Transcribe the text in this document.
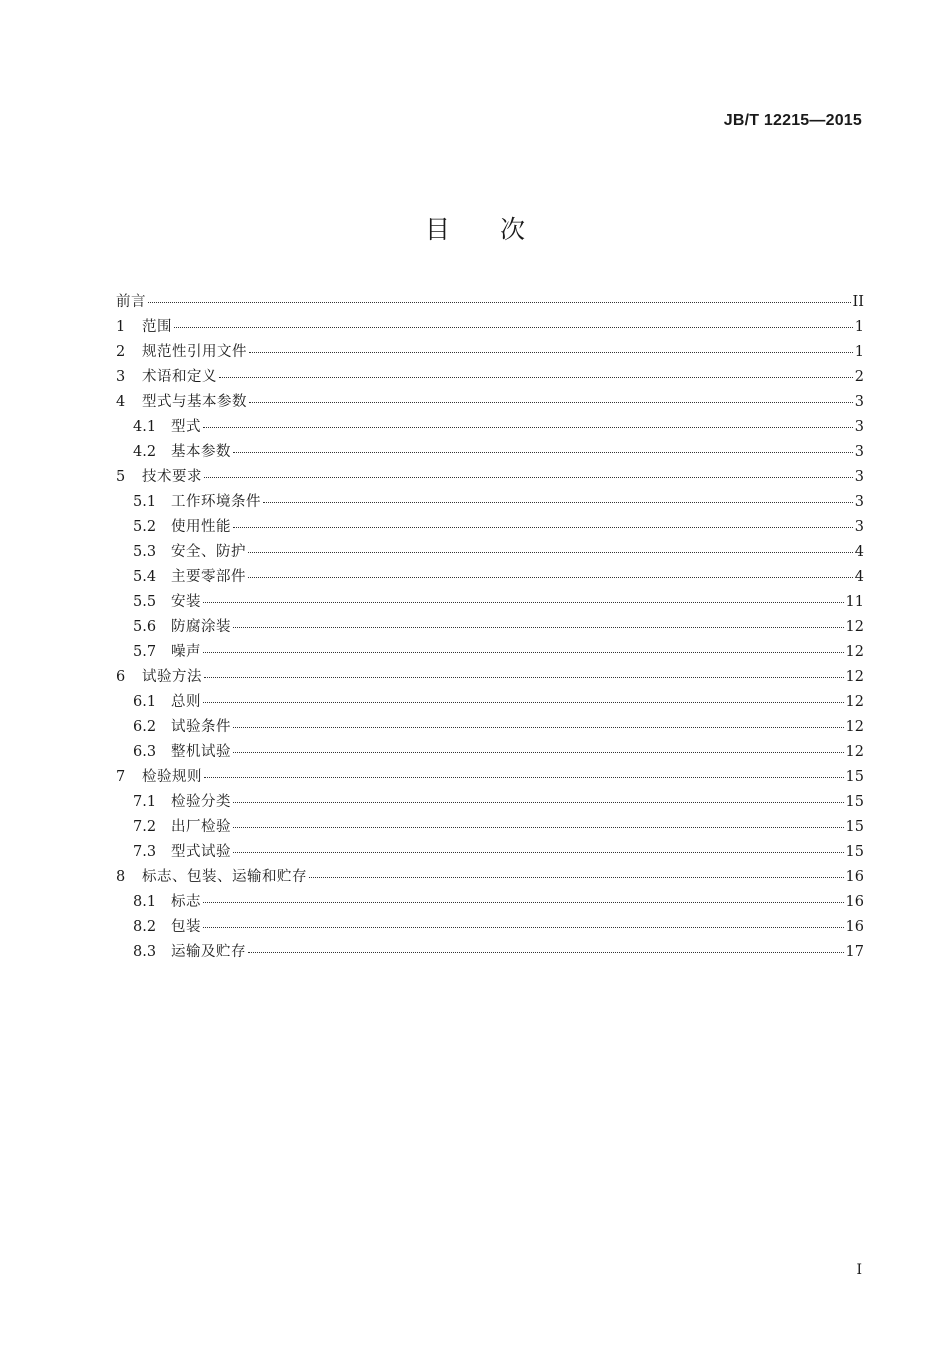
JB/T 12215—2015
目 次
前言	II
1	范围	1
2	规范性引用文件	1
3	术语和定义	2
4	型式与基本参数	3
4.1	型式	3
4.2	基本参数	3
5	技术要求	3
5.1	工作环境条件	3
5.2	使用性能	3
5.3	安全、防护	4
5.4	主要零部件	4
5.5	安装	11
5.6	防腐涂装	12
5.7	噪声	12
6	试验方法	12
6.1	总则	12
6.2	试验条件	12
6.3	整机试验	12
7	检验规则	15
7.1	检验分类	15
7.2	出厂检验	15
7.3	型式试验	15
8	标志、包装、运输和贮存	16
8.1	标志	16
8.2	包装	16
8.3	运输及贮存	17
I
